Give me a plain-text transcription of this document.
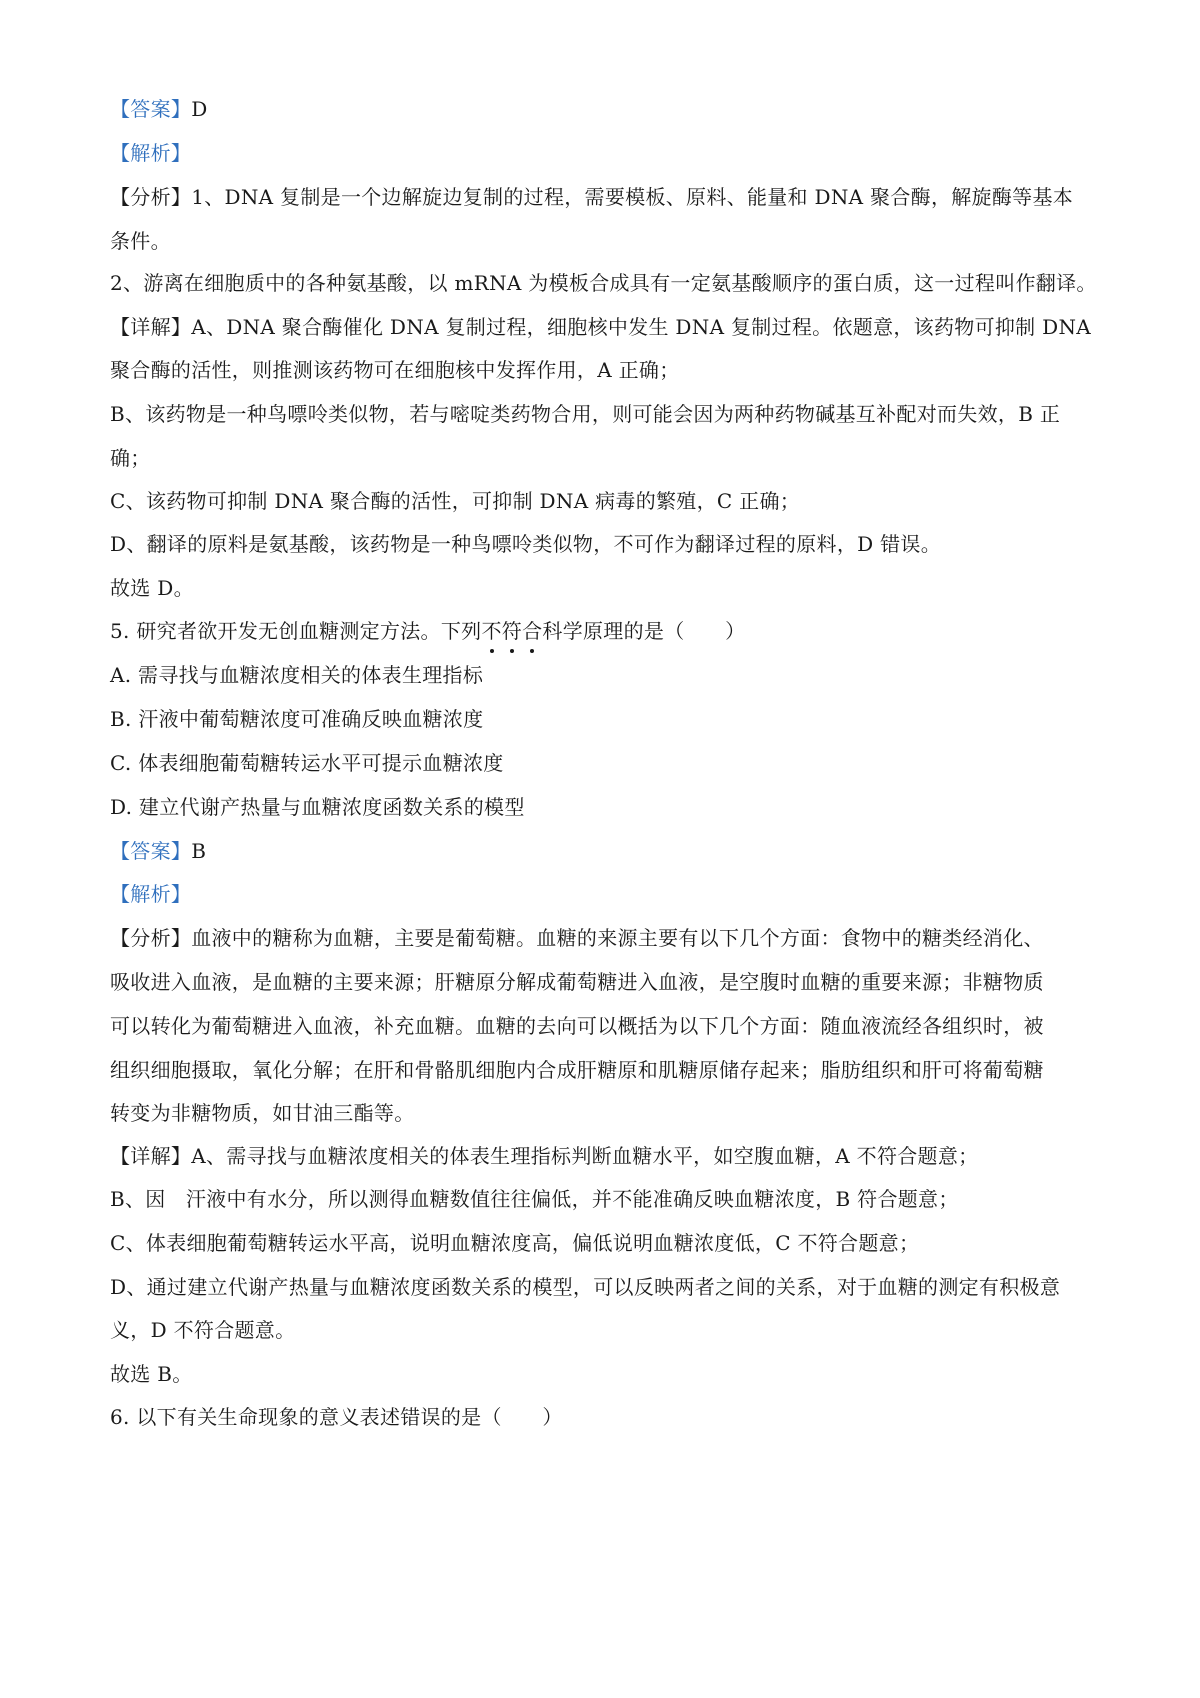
【答案】D
【解析】
【分析】1、DNA 复制是一个边解旋边复制的过程，需要模板、原料、能量和 DNA 聚合酶，解旋酶等基本
条件。
2、游离在细胞质中的各种氨基酸，以 mRNA 为模板合成具有一定氨基酸顺序的蛋白质，这一过程叫作翻译。
【详解】A、DNA 聚合酶催化 DNA 复制过程，细胞核中发生 DNA 复制过程。依题意，该药物可抑制 DNA
聚合酶的活性，则推测该药物可在细胞核中发挥作用，A 正确；
B、该药物是一种鸟嘌呤类似物，若与嘧啶类药物合用，则可能会因为两种药物碱基互补配对而失效，B 正
确；
C、该药物可抑制 DNA 聚合酶的活性，可抑制 DNA 病毒的繁殖，C 正确；
D、翻译的原料是氨基酸，该药物是一种鸟嘌呤类似物，不可作为翻译过程的原料，D 错误。
故选 D。
5. 研究者欲开发无创血糖测定方法。下列不符合科学原理的是（　　）
A. 需寻找与血糖浓度相关的体表生理指标
B. 汗液中葡萄糖浓度可准确反映血糖浓度
C. 体表细胞葡萄糖转运水平可提示血糖浓度
D. 建立代谢产热量与血糖浓度函数关系的模型
【答案】B
【解析】
【分析】血液中的糖称为血糖，主要是葡萄糖。血糖的来源主要有以下几个方面：食物中的糖类经消化、
吸收进入血液，是血糖的主要来源；肝糖原分解成葡萄糖进入血液，是空腹时血糖的重要来源；非糖物质
可以转化为葡萄糖进入血液，补充血糖。血糖的去向可以概括为以下几个方面：随血液流经各组织时，被
组织细胞摄取，氧化分解；在肝和骨骼肌细胞内合成肝糖原和肌糖原储存起来；脂肪组织和肝可将葡萄糖
转变为非糖物质，如甘油三酯等。
【详解】A、需寻找与血糖浓度相关的体表生理指标判断血糖水平，如空腹血糖，A 不符合题意；
B、因　汗液中有水分，所以测得血糖数值往往偏低，并不能准确反映血糖浓度，B 符合题意；
C、体表细胞葡萄糖转运水平高，说明血糖浓度高，偏低说明血糖浓度低，C 不符合题意；
D、通过建立代谢产热量与血糖浓度函数关系的模型，可以反映两者之间的关系，对于血糖的测定有积极意
义，D 不符合题意。
故选 B。
6. 以下有关生命现象的意义表述错误的是（　　）
